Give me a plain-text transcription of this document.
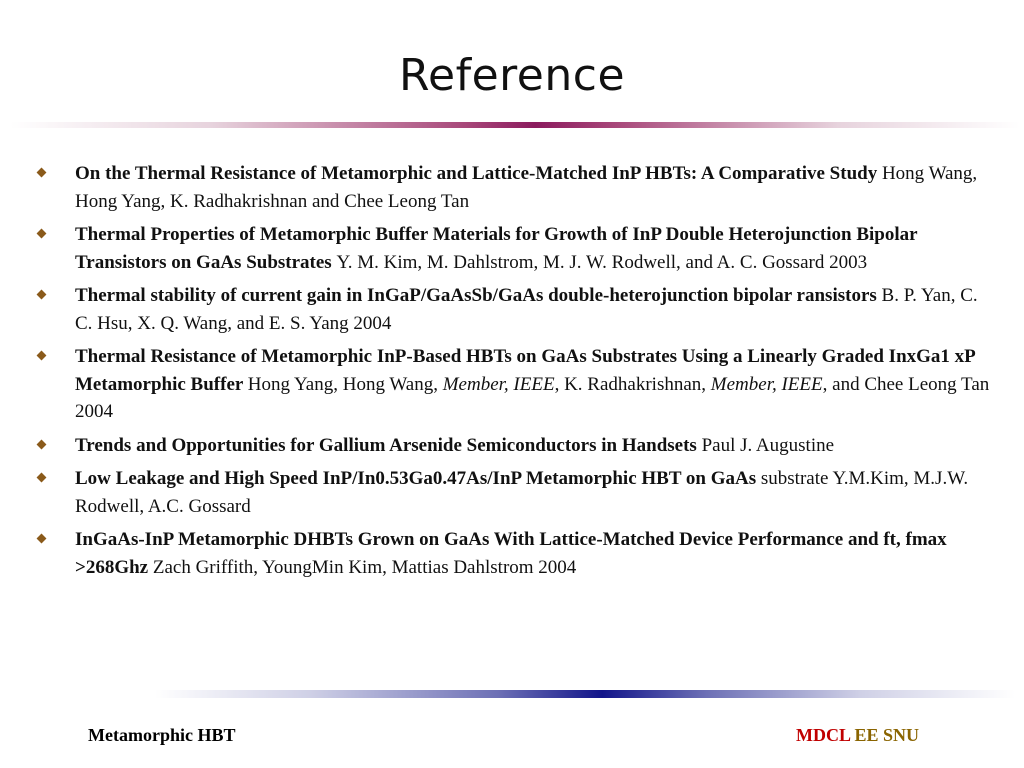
Reference
On the Thermal Resistance of Metamorphic and Lattice-Matched InP HBTs: A Comparative Study Hong Wang, Hong Yang, K. Radhakrishnan and Chee Leong Tan
Thermal Properties of Metamorphic Buffer Materials for Growth of InP Double Heterojunction Bipolar Transistors on GaAs Substrates Y. M. Kim, M. Dahlstrom, M. J. W. Rodwell, and A. C. Gossard 2003
Thermal stability of current gain in InGaP/GaAsSb/GaAs double-heterojunction bipolar ransistors B. P. Yan, C. C. Hsu, X. Q. Wang, and E. S. Yang 2004
Thermal Resistance of Metamorphic InP-Based HBTs on GaAs Substrates Using a Linearly Graded InxGa1 xP Metamorphic Buffer Hong Yang, Hong Wang, Member, IEEE, K. Radhakrishnan, Member, IEEE, and Chee Leong Tan 2004
Trends and Opportunities for Gallium Arsenide Semiconductors in Handsets Paul J. Augustine
Low Leakage and High Speed InP/In0.53Ga0.47As/InP Metamorphic HBT on GaAs substrate Y.M.Kim, M.J.W. Rodwell, A.C. Gossard
InGaAs-InP Metamorphic DHBTs Grown on GaAs With Lattice-Matched Device Performance and ft, fmax >268Ghz Zach Griffith, YoungMin Kim, Mattias Dahlstrom 2004
Metamorphic HBT	MDCL EE SNU
